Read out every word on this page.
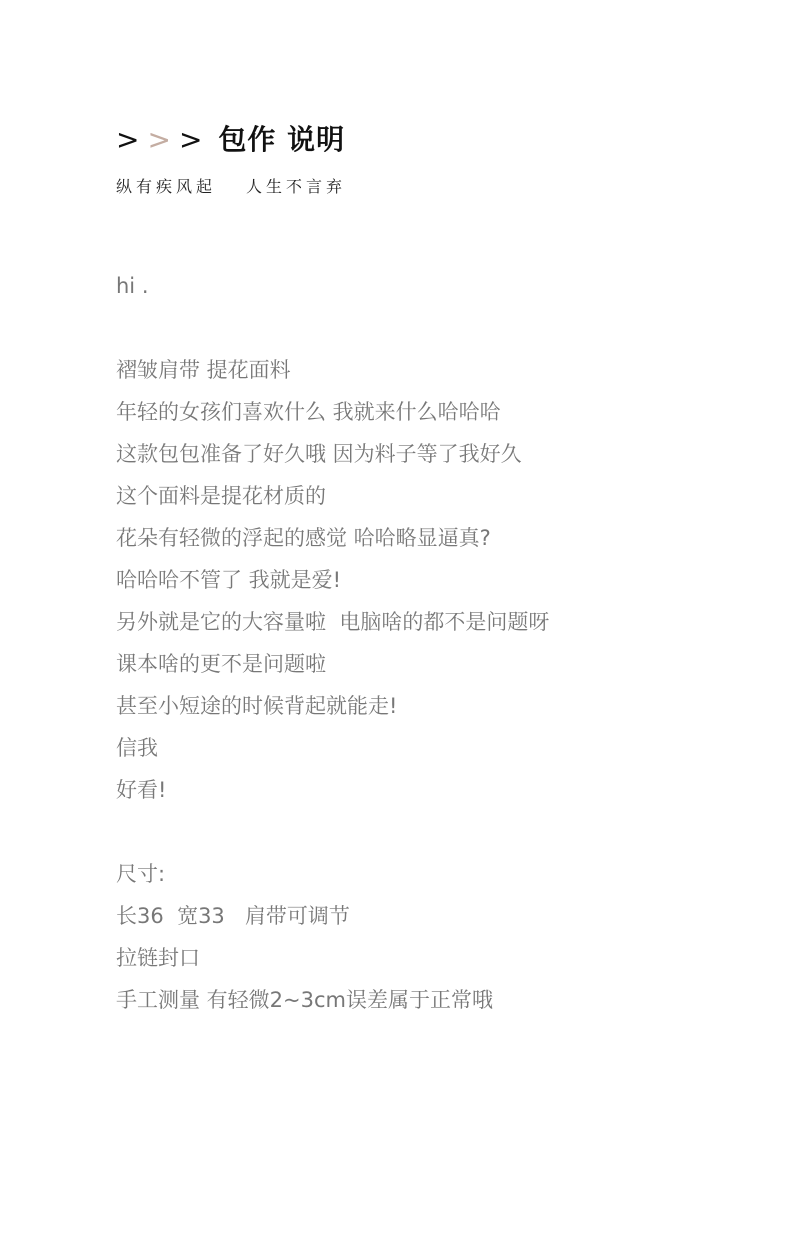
> > > 包作 说明
纵有疾风起 人生不言弃
hi .
褶皱肩带 提花面料
年轻的女孩们喜欢什么 我就来什么哈哈哈
这款包包准备了好久哦 因为料子等了我好久
这个面料是提花材质的
花朵有轻微的浮起的感觉 哈哈略显逼真?
哈哈哈不管了 我就是爱!
另外就是它的大容量啦  电脑啥的都不是问题呀
课本啥的更不是问题啦
甚至小短途的时候背起就能走!
信我
好看!
尺寸:
长36  宽33   肩带可调节
拉链封口
手工测量 有轻微2~3cm误差属于正常哦
